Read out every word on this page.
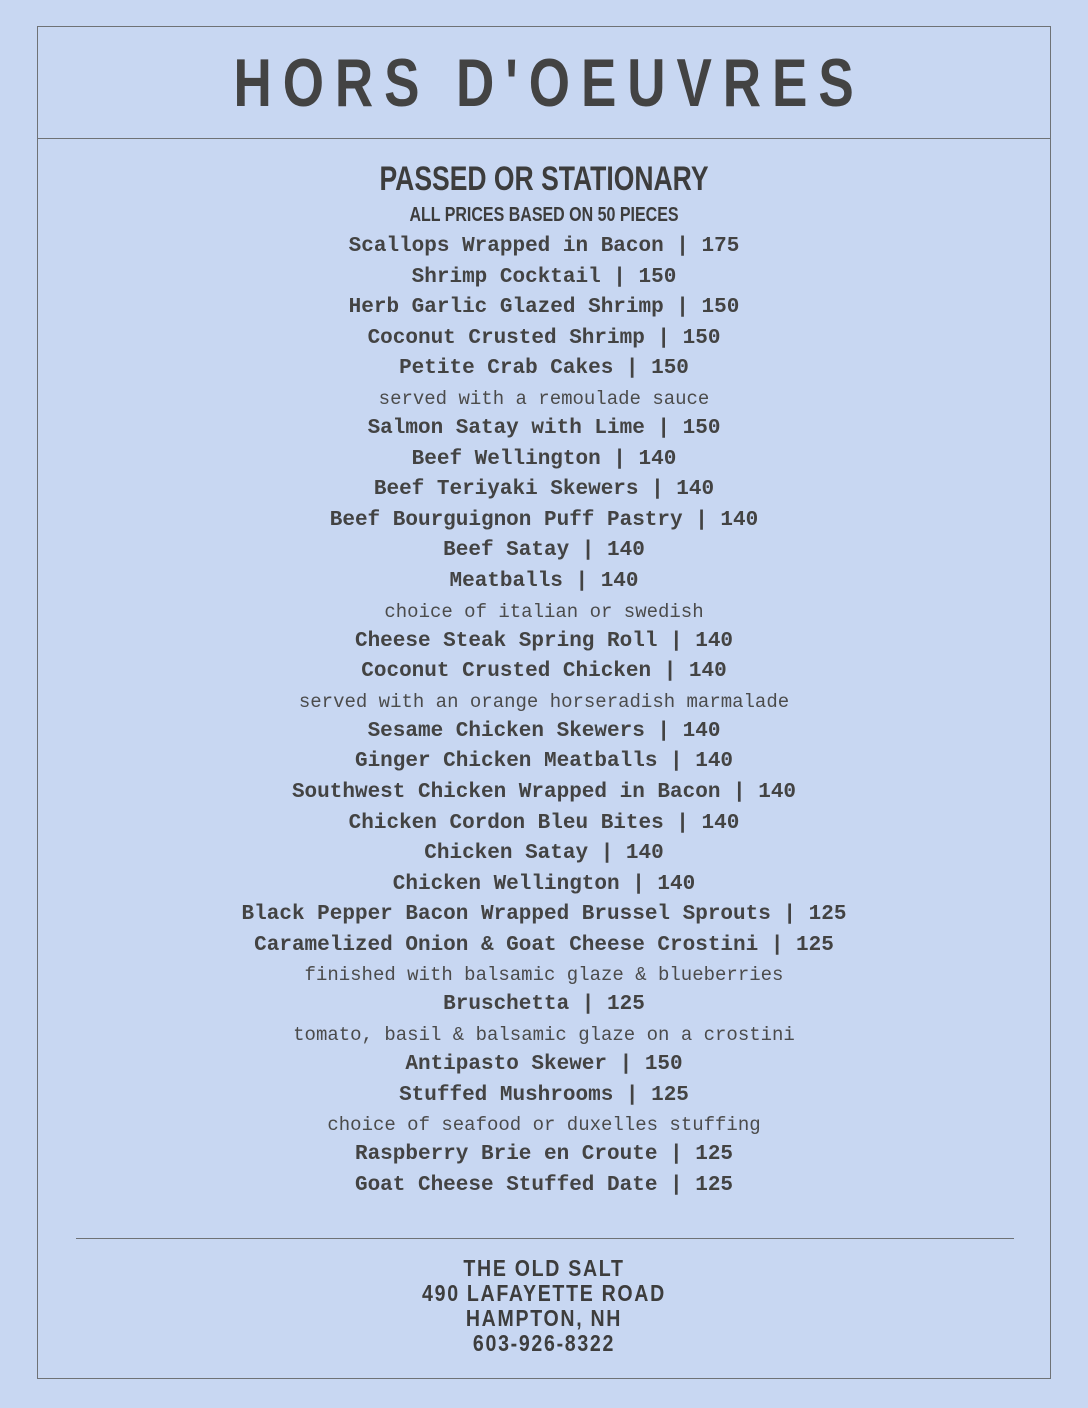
HORS D'OEUVRES
PASSED OR STATIONARY
ALL PRICES BASED ON 50 PIECES
Scallops Wrapped in Bacon | 175
Shrimp Cocktail | 150
Herb Garlic Glazed Shrimp | 150
Coconut Crusted Shrimp | 150
Petite Crab Cakes | 150
served with a remoulade sauce
Salmon Satay with Lime | 150
Beef Wellington | 140
Beef Teriyaki Skewers | 140
Beef Bourguignon Puff Pastry | 140
Beef Satay | 140
Meatballs | 140
choice of italian or swedish
Cheese Steak Spring Roll | 140
Coconut Crusted Chicken | 140
served with an orange horseradish marmalade
Sesame Chicken Skewers | 140
Ginger Chicken Meatballs | 140
Southwest Chicken Wrapped in Bacon | 140
Chicken Cordon Bleu Bites | 140
Chicken Satay | 140
Chicken Wellington | 140
Black Pepper Bacon Wrapped Brussel Sprouts | 125
Caramelized Onion & Goat Cheese Crostini | 125
finished with balsamic glaze & blueberries
Bruschetta | 125
tomato, basil & balsamic glaze on a crostini
Antipasto Skewer | 150
Stuffed Mushrooms | 125
choice of seafood or duxelles stuffing
Raspberry Brie en Croute | 125
Goat Cheese Stuffed Date | 125
THE OLD SALT
490 LAFAYETTE ROAD
HAMPTON, NH
603-926-8322
